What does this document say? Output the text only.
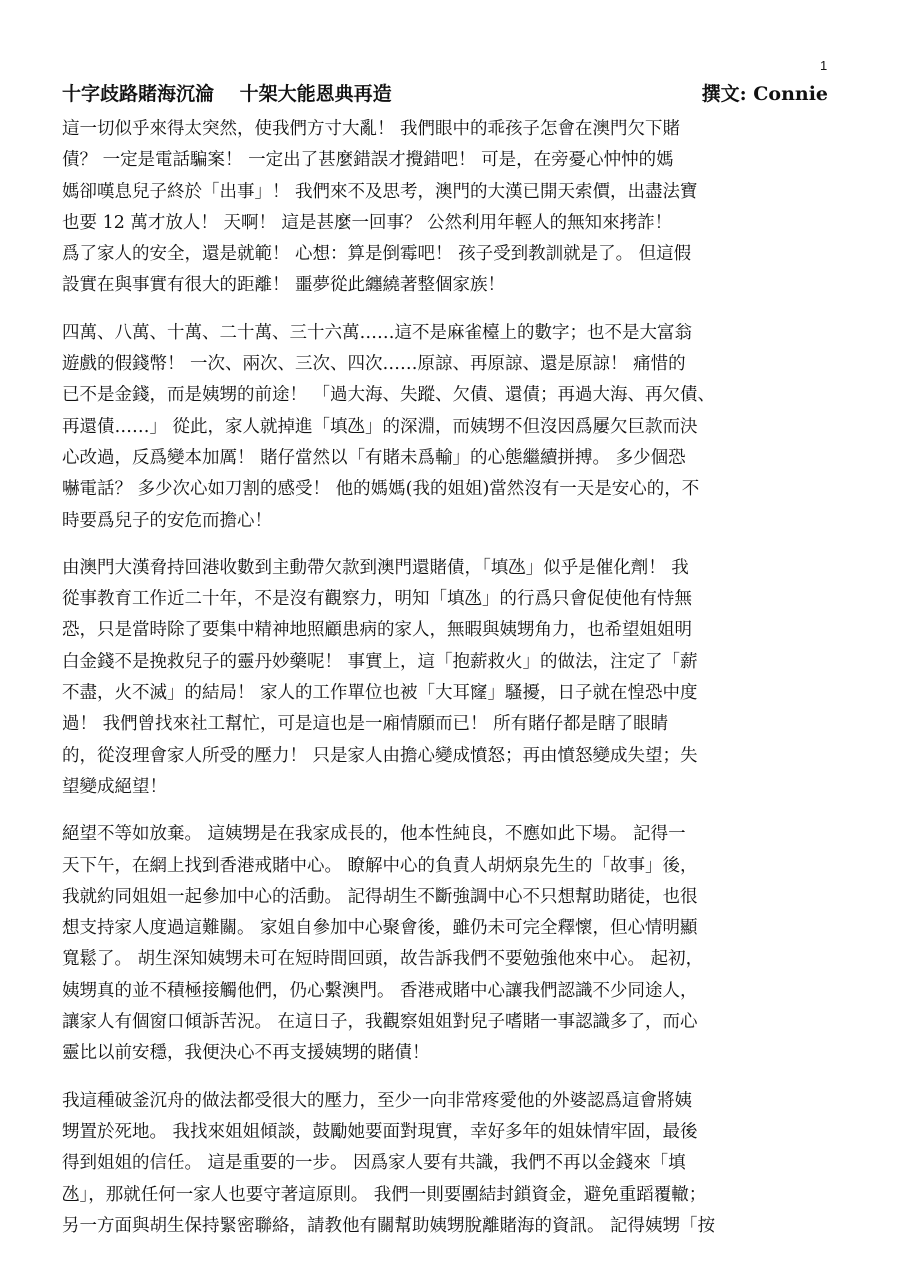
1
十字歧路賭海沉淪　 十架大能恩典再造	撰文: Connie
這一切似乎來得太突然，使我們方寸大亂！ 我們眼中的乖孩子怎會在澳門欠下賭
債？ 一定是電話騙案！ 一定出了甚麼錯誤才攪錯吧！ 可是，在旁憂心忡忡的媽
媽卻嘆息兒子終於「出事」！ 我們來不及思考，澳門的大漢已開天索價，出盡法寶
也要 12 萬才放人！ 天啊！ 這是甚麼一回事？ 公然利用年輕人的無知來拷詐！
爲了家人的安全，還是就範！ 心想：算是倒霉吧！ 孩子受到教訓就是了。 但這假
設實在與事實有很大的距離！ 噩夢從此纏繞著整個家族！
四萬、八萬、十萬、二十萬、三十六萬……這不是麻雀檯上的數字；也不是大富翁
遊戲的假錢幣！ 一次、兩次、三次、四次……原諒、再原諒、還是原諒！ 痛惜的
已不是金錢，而是姨甥的前途！ 「過大海、失蹤、欠債、還債；再過大海、再欠債、
再還債……」 從此，家人就掉進「填氹」的深淵，而姨甥不但沒因爲屢欠巨款而決
心改過，反爲變本加厲！ 賭仔當然以「有賭未爲輸」的心態繼續拼搏。 多少個恐
嚇電話？ 多少次心如刀割的感受！ 他的媽媽(我的姐姐)當然沒有一天是安心的，不
時要爲兒子的安危而擔心！
由澳門大漢脅持回港收數到主動帶欠款到澳門還賭債，「填氹」似乎是催化劑！ 我
從事教育工作近二十年，不是沒有觀察力，明知「填氹」的行爲只會促使他有恃無
恐，只是當時除了要集中精神地照顧患病的家人，無暇與姨甥角力，也希望姐姐明
白金錢不是挽救兒子的靈丹妙藥呢！ 事實上，這「抱薪救火」的做法，注定了「薪
不盡，火不滅」的結局！ 家人的工作單位也被「大耳窿」騷擾，日子就在惶恐中度
過！ 我們曾找來社工幫忙，可是這也是一廂情願而已！ 所有賭仔都是瞎了眼睛
的，從沒理會家人所受的壓力！ 只是家人由擔心變成憤怒；再由憤怒變成失望；失
望變成絕望！
絕望不等如放棄。 這姨甥是在我家成長的，他本性純良，不應如此下場。 記得一
天下午，在網上找到香港戒賭中心。 瞭解中心的負責人胡炳泉先生的「故事」後，
我就約同姐姐一起參加中心的活動。 記得胡生不斷強調中心不只想幫助賭徒，也很
想支持家人度過這難關。 家姐自參加中心聚會後，雖仍未可完全釋懷，但心情明顯
寬鬆了。 胡生深知姨甥未可在短時間回頭，故告訴我們不要勉強他來中心。 起初，
姨甥真的並不積極接觸他們，仍心繫澳門。 香港戒賭中心讓我們認識不少同途人，
讓家人有個窗口傾訴苦況。 在這日子，我觀察姐姐對兒子嗜賭一事認識多了，而心
靈比以前安穩，我便決心不再支援姨甥的賭債！
我這種破釜沉舟的做法都受很大的壓力，至少一向非常疼愛他的外婆認爲這會將姨
甥置於死地。 我找來姐姐傾談，鼓勵她要面對現實，幸好多年的姐妹情牢固，最後
得到姐姐的信任。 這是重要的一步。 因爲家人要有共識，我們不再以金錢來「填
氹」，那就任何一家人也要守著這原則。 我們一則要團結封鎖資金，避免重蹈覆轍；
另一方面與胡生保持緊密聯絡，請教他有關幫助姨甥脫離賭海的資訊。 記得姨甥「按
